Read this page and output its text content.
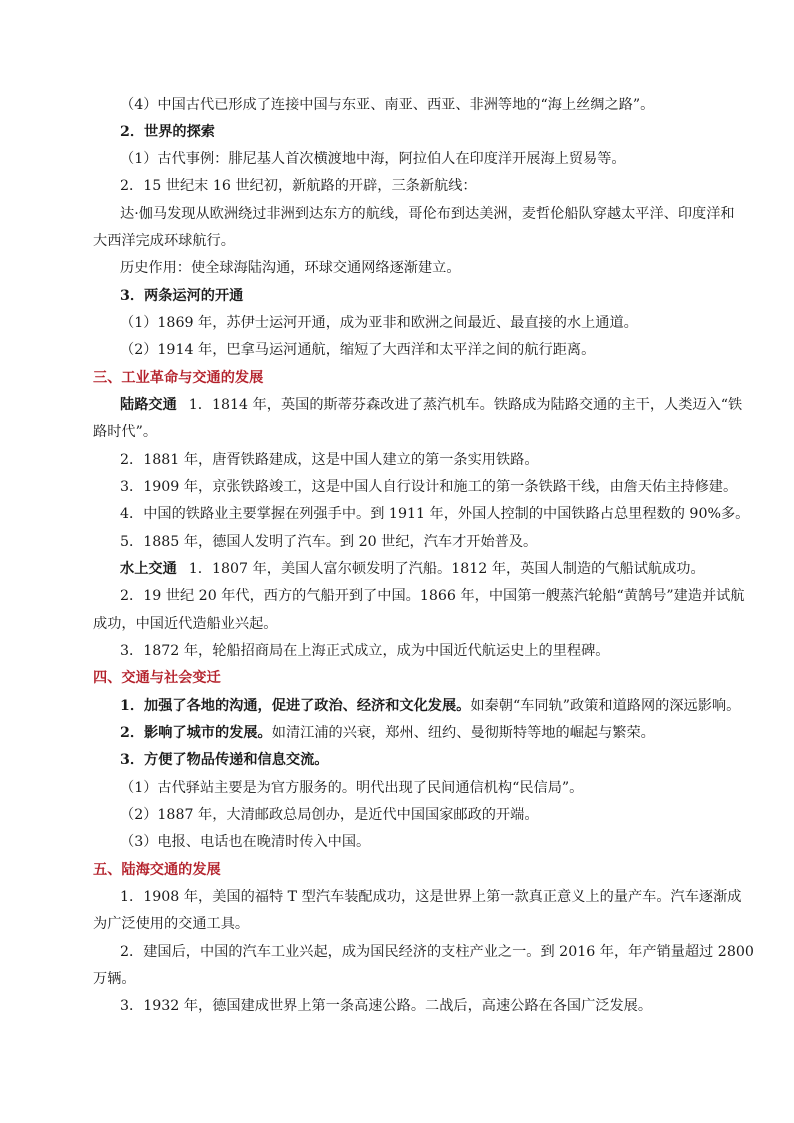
（4）中国古代已形成了连接中国与东亚、南亚、西亚、非洲等地的“海上丝绸之路”。
2．世界的探索
（1）古代事例：腓尼基人首次横渡地中海，阿拉伯人在印度洋开展海上贸易等。
2．15 世纪末 16 世纪初，新航路的开辟，三条新航线：
达·伽马发现从欧洲绕过非洲到达东方的航线，哥伦布到达美洲，麦哲伦船队穿越太平洋、印度洋和
大西洋完成环球航行。
历史作用：使全球海陆沟通，环球交通网络逐渐建立。
3．两条运河的开通
（1）1869 年，苏伊士运河开通，成为亚非和欧洲之间最近、最直接的水上通道。
（2）1914 年，巴拿马运河通航，缩短了大西洋和太平洋之间的航行距离。
三、工业革命与交通的发展
陆路交通 1．1814 年，英国的斯蒂芬森改进了蒸汽机车。铁路成为陆路交通的主干，人类迈入“铁
路时代”。
2．1881 年，唐胥铁路建成，这是中国人建立的第一条实用铁路。
3．1909 年，京张铁路竣工，这是中国人自行设计和施工的第一条铁路干线，由詹天佑主持修建。
4．中国的铁路业主要掌握在列强手中。到 1911 年，外国人控制的中国铁路占总里程数的 90%多。
5．1885 年，德国人发明了汽车。到 20 世纪，汽车才开始普及。
水上交通 1．1807 年，美国人富尔顿发明了汽船。1812 年，英国人制造的气船试航成功。
2．19 世纪 20 年代，西方的气船开到了中国。1866 年，中国第一艘蒸汽轮船“黄鹄号”建造并试航
成功，中国近代造船业兴起。
3．1872 年，轮船招商局在上海正式成立，成为中国近代航运史上的里程碑。
四、交通与社会变迁
1．加强了各地的沟通，促进了政治、经济和文化发展。如秦朝“车同轨”政策和道路网的深远影响。
2．影响了城市的发展。如清江浦的兴衰，郑州、纽约、曼彻斯特等地的崛起与繁荣。
3．方便了物品传递和信息交流。
（1）古代驿站主要是为官方服务的。明代出现了民间通信机构“民信局”。
（2）1887 年，大清邮政总局创办，是近代中国国家邮政的开端。
（3）电报、电话也在晚清时传入中国。
五、陆海交通的发展
1．1908 年，美国的福特 T 型汽车装配成功，这是世界上第一款真正意义上的量产车。汽车逐渐成
为广泛使用的交通工具。
2．建国后，中国的汽车工业兴起，成为国民经济的支柱产业之一。到 2016 年，年产销量超过 2800
万辆。
3．1932 年，德国建成世界上第一条高速公路。二战后，高速公路在各国广泛发展。
